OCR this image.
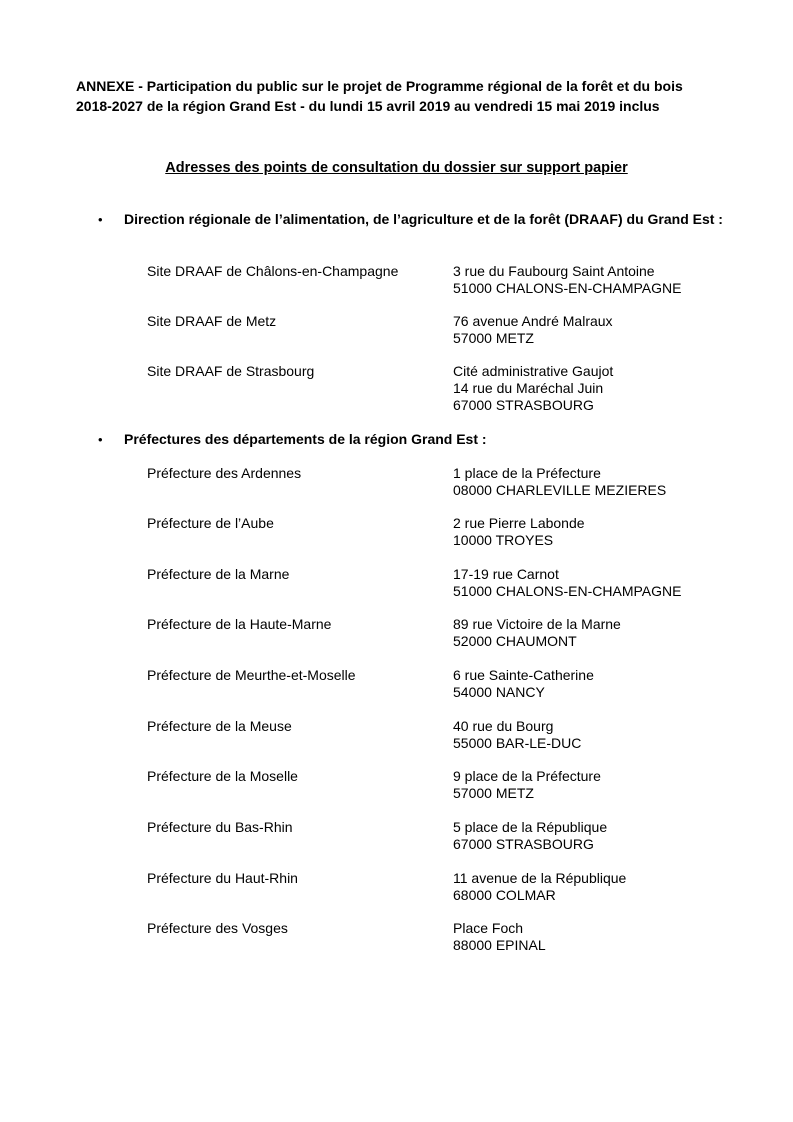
ANNEXE - Participation du public sur le projet de Programme régional de la forêt et du bois
2018-2027 de la région Grand Est - du lundi 15 avril 2019 au vendredi 15 mai 2019 inclus
Adresses des points de consultation du dossier sur support papier
•	Direction régionale de l’alimentation, de l’agriculture et de la forêt (DRAAF) du Grand Est :
Site DRAAF de Châlons-en-Champagne	3 rue du Faubourg Saint Antoine
51000 CHALONS-EN-CHAMPAGNE
Site DRAAF de Metz	76 avenue André Malraux
57000 METZ
Site DRAAF de Strasbourg	Cité administrative Gaujot
14 rue du Maréchal Juin
67000 STRASBOURG
•	Préfectures des départements de la région Grand Est :
Préfecture des Ardennes	1 place de la Préfecture
08000 CHARLEVILLE MEZIERES
Préfecture de l’Aube	2 rue Pierre Labonde
10000 TROYES
Préfecture de la Marne	17-19 rue Carnot
51000 CHALONS-EN-CHAMPAGNE
Préfecture de la Haute-Marne	89 rue Victoire de la Marne
52000 CHAUMONT
Préfecture de Meurthe-et-Moselle	6 rue Sainte-Catherine
54000 NANCY
Préfecture de la Meuse	40 rue du Bourg
55000 BAR-LE-DUC
Préfecture de la Moselle	9 place de la Préfecture
57000 METZ
Préfecture du Bas-Rhin	5 place de la République
67000 STRASBOURG
Préfecture du Haut-Rhin	11 avenue de la République
68000 COLMAR
Préfecture des Vosges	Place Foch
88000 EPINAL
